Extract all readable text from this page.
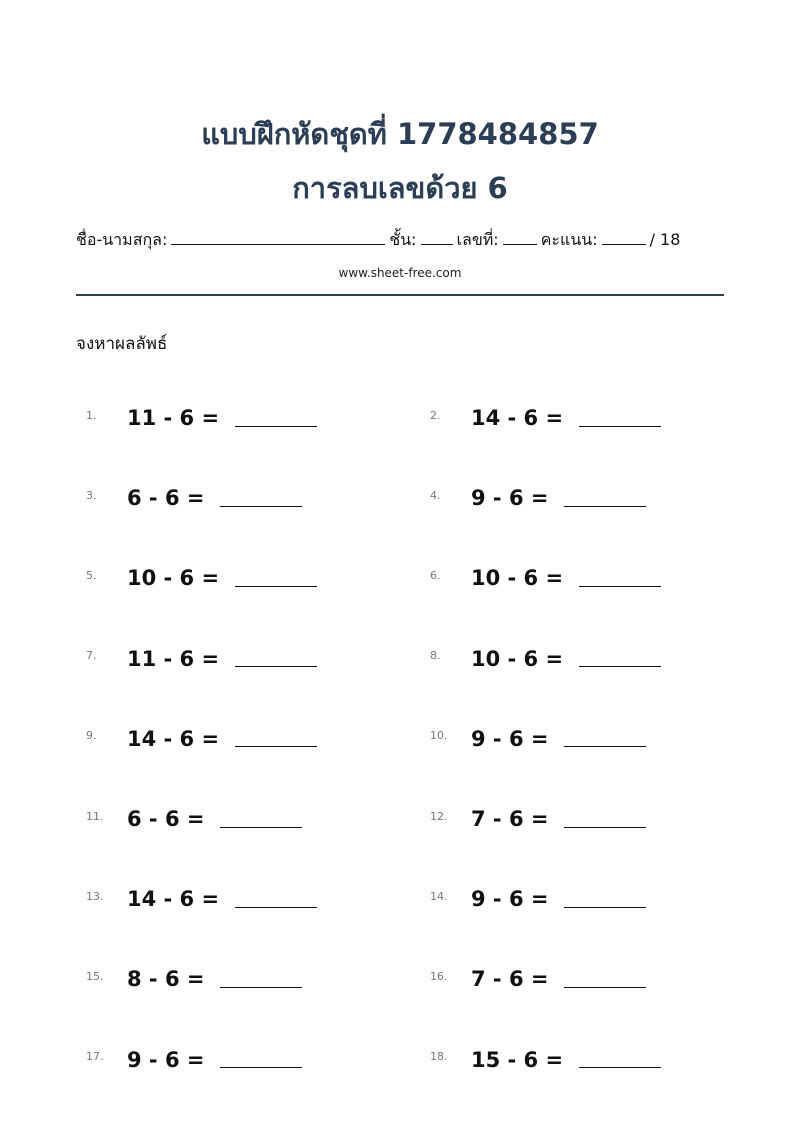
แบบฝึกหัดชุดที่ 1778484857
การลบเลขด้วย 6
ชื่อ-นามสกุล:	ชั้น:	เลขที่:	คะแนน:	/ 18
www.sheet-free.com
จงหาผลลัพธ์
1.	11 - 6 =	2.	14 - 6 =
3.	6 - 6 =	4.	9 - 6 =
5.	10 - 6 =	6.	10 - 6 =
7.	11 - 6 =	8.	10 - 6 =
9.	14 - 6 =	10.	9 - 6 =
11.	6 - 6 =	12.	7 - 6 =
13.	14 - 6 =	14.	9 - 6 =
15.	8 - 6 =	16.	7 - 6 =
17.	9 - 6 =	18.	15 - 6 =
